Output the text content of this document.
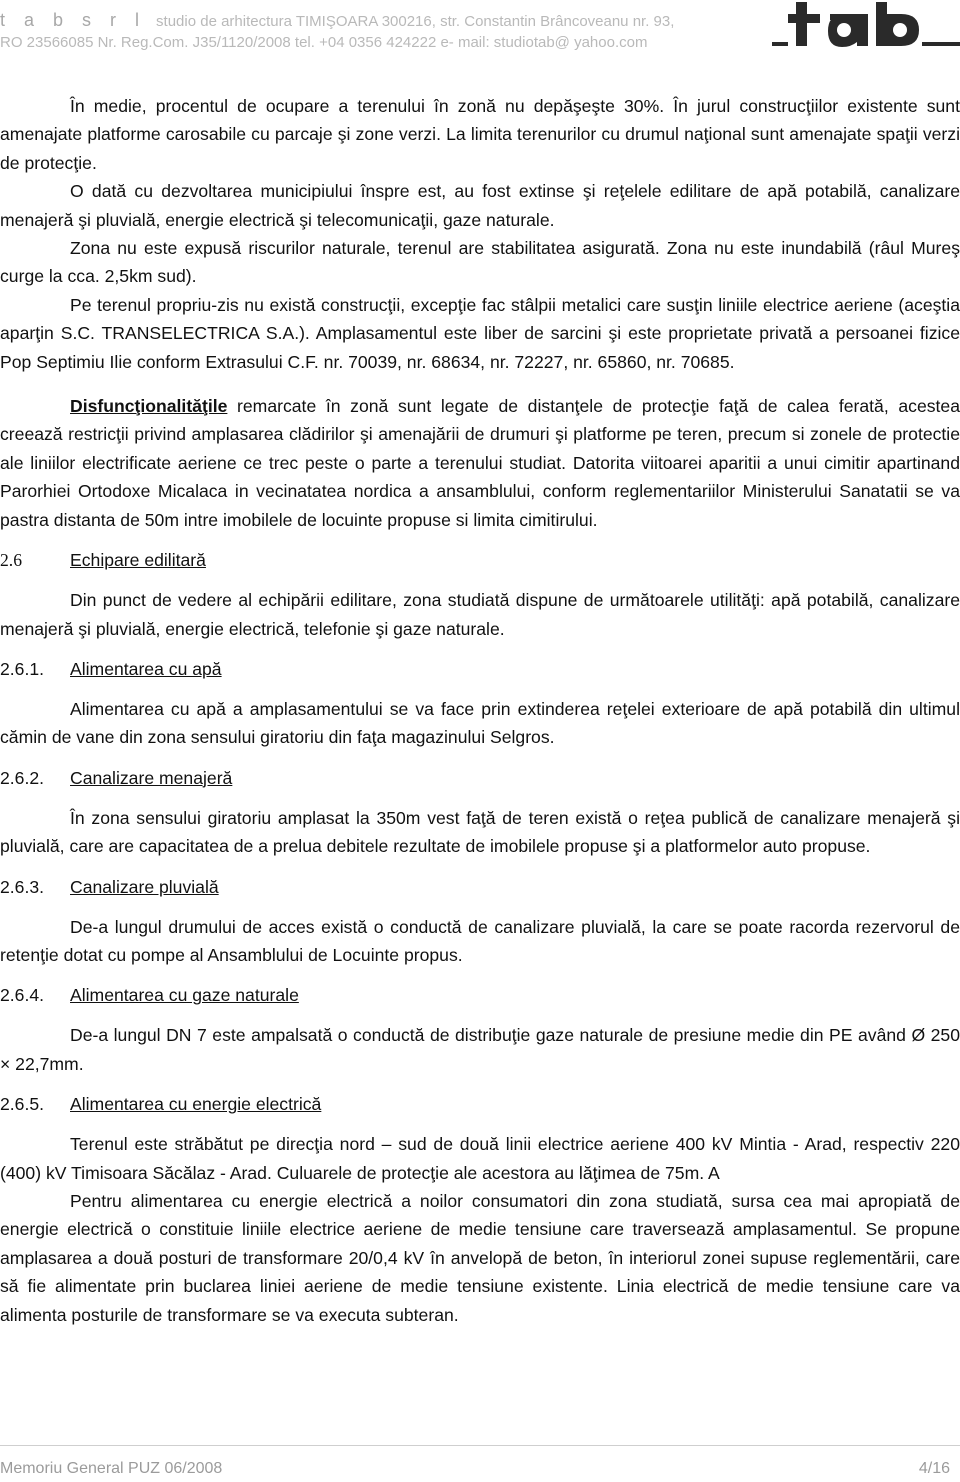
t a b s r l studio de arhitectura TIMIŞOARA 300216, str. Constantin Brâncoveanu nr. 93,
RO 23566085 Nr. Reg.Com. J35/1120/2008 tel. +04 0356 424222 e- mail: studiotab@ yahoo.com

În medie, procentul de ocupare a terenului în zonă nu depăşeşte 30%. În jurul construcţiilor existente sunt amenajate platforme carosabile cu parcaje şi zone verzi. La limita terenurilor cu drumul naţional sunt amenajate spaţii verzi de protecţie.

O dată cu dezvoltarea municipiului înspre est, au fost extinse şi reţelele edilitare de apă potabilă, canalizare menajeră şi pluvială, energie electrică şi telecomunicaţii, gaze naturale.

Zona nu este expusă riscurilor naturale, terenul are stabilitatea asigurată. Zona nu este inundabilă (râul Mureş curge la cca. 2,5km sud).

Pe terenul propriu-zis nu există construcţii, excepţie fac stâlpii metalici care susţin liniile electrice aeriene (aceştia aparţin S.C. TRANSELECTRICA S.A.). Amplasamentul este liber de sarcini şi este proprietate privată a persoanei fizice Pop Septimiu Ilie conform Extrasului C.F. nr. 70039, nr. 68634, nr. 72227, nr. 65860, nr. 70685.

Disfuncţionalităţile remarcate în zonă sunt legate de distanţele de protecţie faţă de calea ferată, acestea creează restricţii privind amplasarea clădirilor şi amenajării de drumuri şi platforme pe teren, precum si zonele de protectie ale liniilor electrificate aeriene ce trec peste o parte a terenului studiat. Datorita viitoarei aparitii a unui cimitir apartinand Parorhiei Ortodoxe Micalaca in vecinatatea nordica a ansamblului, conform reglementariilor Ministerului Sanatatii se va pastra distanta de 50m intre imobilele de locuinte propuse si limita cimitirului.

2.6	Echipare edilitară

Din punct de vedere al echipării edilitare, zona studiată dispune de următoarele utilităţi: apă potabilă, canalizare menajeră şi pluvială, energie electrică, telefonie şi gaze naturale.

2.6.1.	Alimentarea cu apă

Alimentarea cu apă a amplasamentului se va face prin extinderea reţelei exterioare de apă potabilă din ultimul cămin de vane din zona sensului giratoriu din faţa magazinului Selgros.

2.6.2.	Canalizare menajeră

În zona sensului giratoriu amplasat la 350m vest faţă de teren există o reţea publică de canalizare menajeră şi pluvială, care are capacitatea de a prelua debitele rezultate de imobilele propuse şi a platformelor auto propuse.

2.6.3.	Canalizare pluvială

De-a lungul drumului de acces există o conductă de canalizare pluvială, la care se poate racorda rezervorul de retenţie dotat cu pompe al Ansamblului de Locuinte propus.

2.6.4.	Alimentarea cu gaze naturale

De-a lungul DN 7 este ampalsată o conductă de distribuţie gaze naturale de presiune medie din PE având Ø 250 × 22,7mm.

2.6.5.	Alimentarea cu energie electrică

Terenul este străbătut pe direcţia nord – sud de două linii electrice aeriene 400 kV Mintia - Arad, respectiv 220 (400) kV Timisoara Săcălaz - Arad. Culuarele de protecţie ale acestora au lăţimea de 75m. A

Pentru alimentarea cu energie electrică a noilor consumatori din zona studiată, sursa cea mai apropiată de energie electrică o constituie liniile electrice aeriene de medie tensiune care traversează amplasamentul. Se propune amplasarea a două posturi de transformare 20/0,4 kV în anvelopă de beton, în interiorul zonei supuse reglementării, care să fie alimentate prin buclarea liniei aeriene de medie tensiune existente. Linia electrică de medie tensiune care va alimenta posturile de transformare se va executa subteran.

Memoriu General PUZ 06/2008	4/16
